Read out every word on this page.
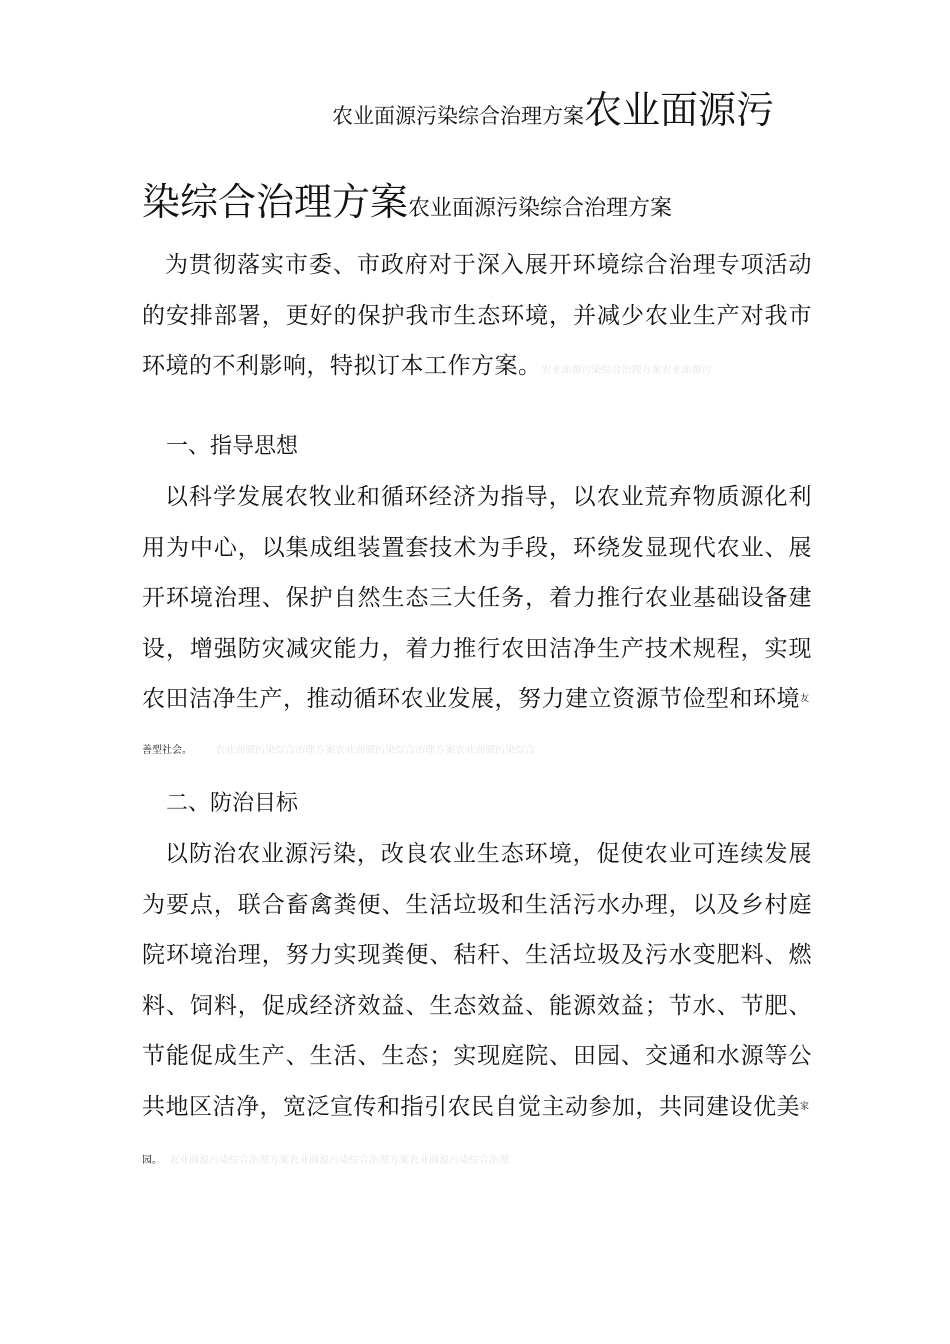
农业面源污染综合治理方案农业面源污
染综合治理方案农业面源污染综合治理方案

为贯彻落实市委、市政府对于深入展开环境综合治理专项活动的安排部署，更好的保护我市生态环境，并减少农业生产对我市环境的不利影响，特拟订本工作方案。农业面源污染综合治理方案农业面源污

一、指导思想

以科学发展农牧业和循环经济为指导，以农业荒弃物质源化利用为中心，以集成组装置套技术为手段，环绕发显现代农业、展开环境治理、保护自然生态三大任务，着力推行农业基础设备建设，增强防灾减灾能力，着力推行农田洁净生产技术规程，实现农田洁净生产，推动循环农业发展，努力建立资源节俭型和环境$^友$

善型社会。 农业面源污染综合治理方案农业面源污染综合治理方案农业面源污染综合

二、防治目标

以防治农业源污染，改良农业生态环境，促使农业可连续发展为要点，联合畜禽粪便、生活垃圾和生活污水办理，以及乡村庭院环境治理，努力实现粪便、秸秆、生活垃圾及污水变肥料、燃料、饲料，促成经济效益、生态效益、能源效益；节水、节肥、节能促成生产、生活、生态；实现庭院、田园、交通和水源等公共地区洁净，宽泛宣传和指引农民自觉主动参加，共同建设优美$^家$

园。 农业面源污染综合治理方案农业面源污染综合治理方案农业面源污染综合治理
